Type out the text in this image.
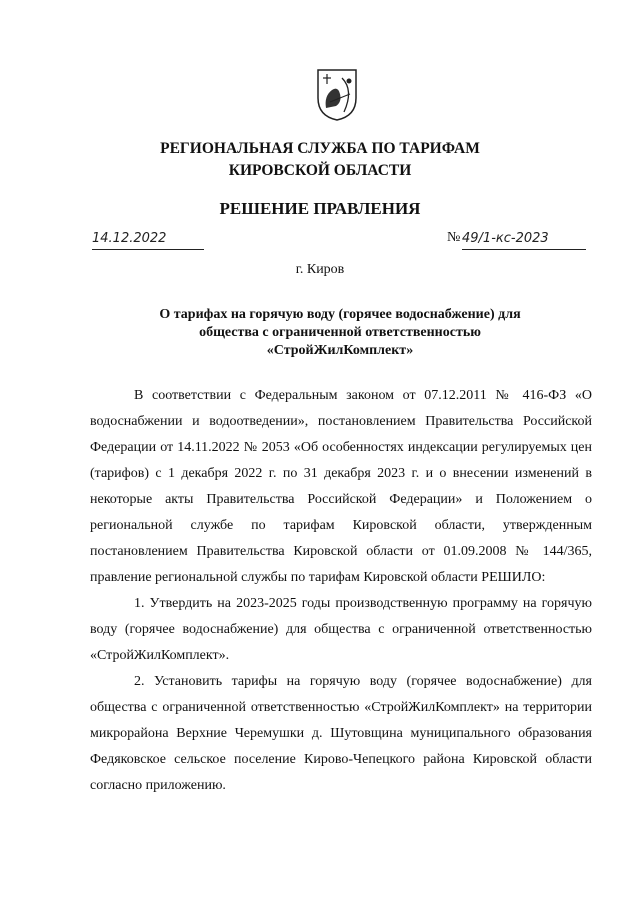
РЕГИОНАЛЬНАЯ СЛУЖБА ПО ТАРИФАМ
КИРОВСКОЙ ОБЛАСТИ
РЕШЕНИЕ ПРАВЛЕНИЯ
14.12.2022	№ 49/1-кс-2023
г. Киров
О тарифах на горячую воду (горячее водоснабжение) для
общества с ограниченной ответственностью
«СтройЖилКомплект»

В соответствии с Федеральным законом от 07.12.2011 № 416-ФЗ «О водоснабжении и водоотведении», постановлением Правительства Российской Федерации от 14.11.2022 № 2053 «Об особенностях индексации регулируемых цен (тарифов) с 1 декабря 2022 г. по 31 декабря 2023 г. и о внесении изменений в некоторые акты Правительства Российской Федерации» и Положением о региональной службе по тарифам Кировской области, утвержденным постановлением Правительства Кировской области от 01.09.2008 № 144/365, правление региональной службы по тарифам Кировской области РЕШИЛО:

1. Утвердить на 2023-2025 годы производственную программу на горячую воду (горячее водоснабжение) для общества с ограниченной ответственностью «СтройЖилКомплект».

2. Установить тарифы на горячую воду (горячее водоснабжение) для общества с ограниченной ответственностью «СтройЖилКомплект» на территории микрорайона Верхние Черемушки д. Шутовщина муниципального образования Федяковское сельское поселение Кирово-Чепецкого района Кировской области согласно приложению.
